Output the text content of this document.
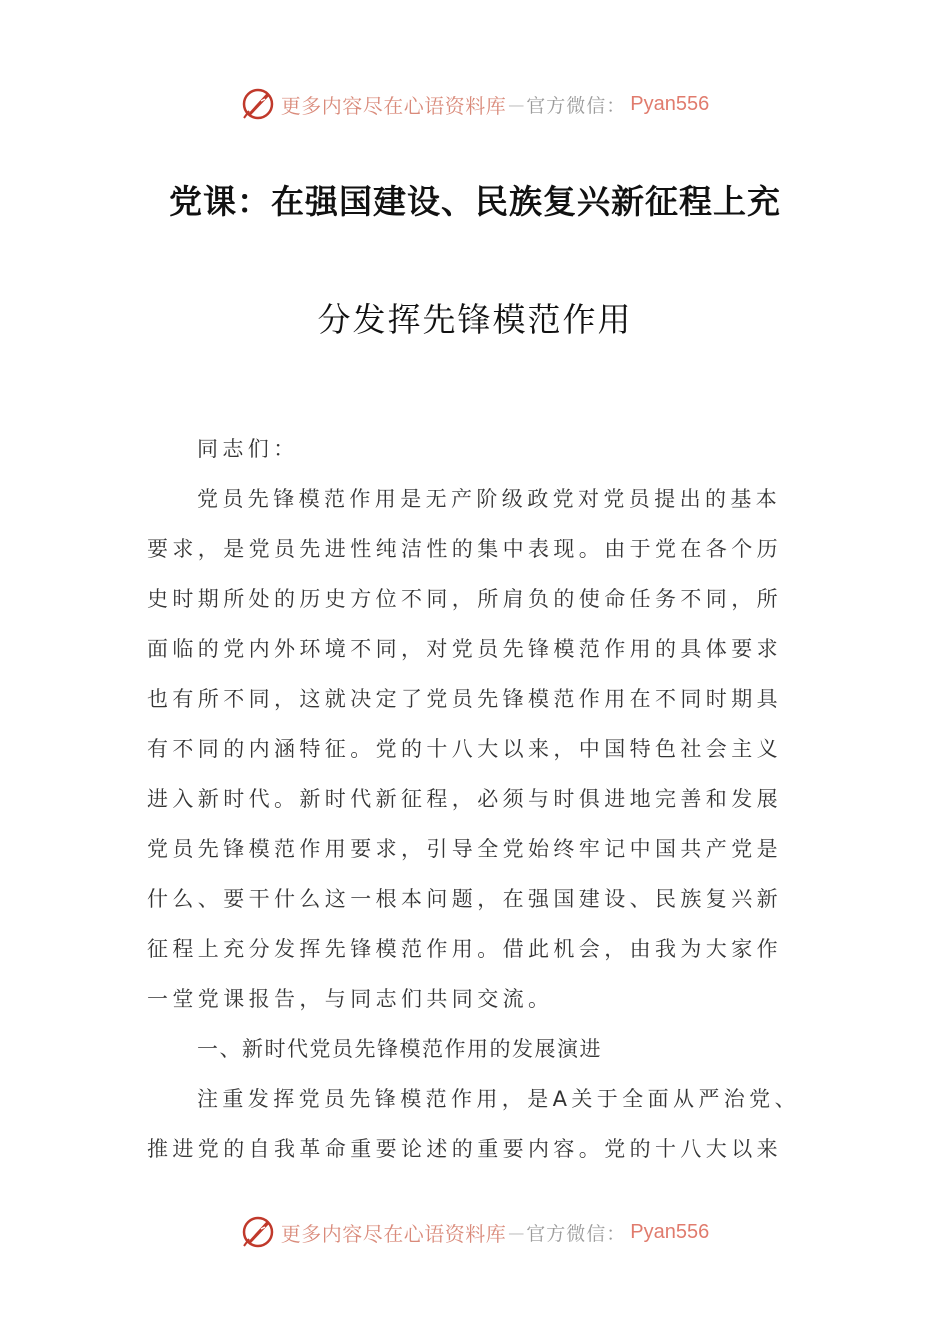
更多内容尽在心语资料库 — 官方微信： Pyan556
党课：在强国建设、民族复兴新征程上充
分发挥先锋模范作用
同志们：
党员先锋模范作用是无产阶级政党对党员提出的基本
要求，是党员先进性纯洁性的集中表现。由于党在各个历
史时期所处的历史方位不同，所肩负的使命任务不同，所
面临的党内外环境不同，对党员先锋模范作用的具体要求
也有所不同，这就决定了党员先锋模范作用在不同时期具
有不同的内涵特征。党的十八大以来，中国特色社会主义
进入新时代。新时代新征程，必须与时俱进地完善和发展
党员先锋模范作用要求，引导全党始终牢记中国共产党是
什么、要干什么这一根本问题，在强国建设、民族复兴新
征程上充分发挥先锋模范作用。借此机会，由我为大家作
一堂党课报告，与同志们共同交流。
一、新时代党员先锋模范作用的发展演进
注重发挥党员先锋模范作用，是A关于全面从严治党、
推进党的自我革命重要论述的重要内容。党的十八大以来
更多内容尽在心语资料库 — 官方微信： Pyan556
